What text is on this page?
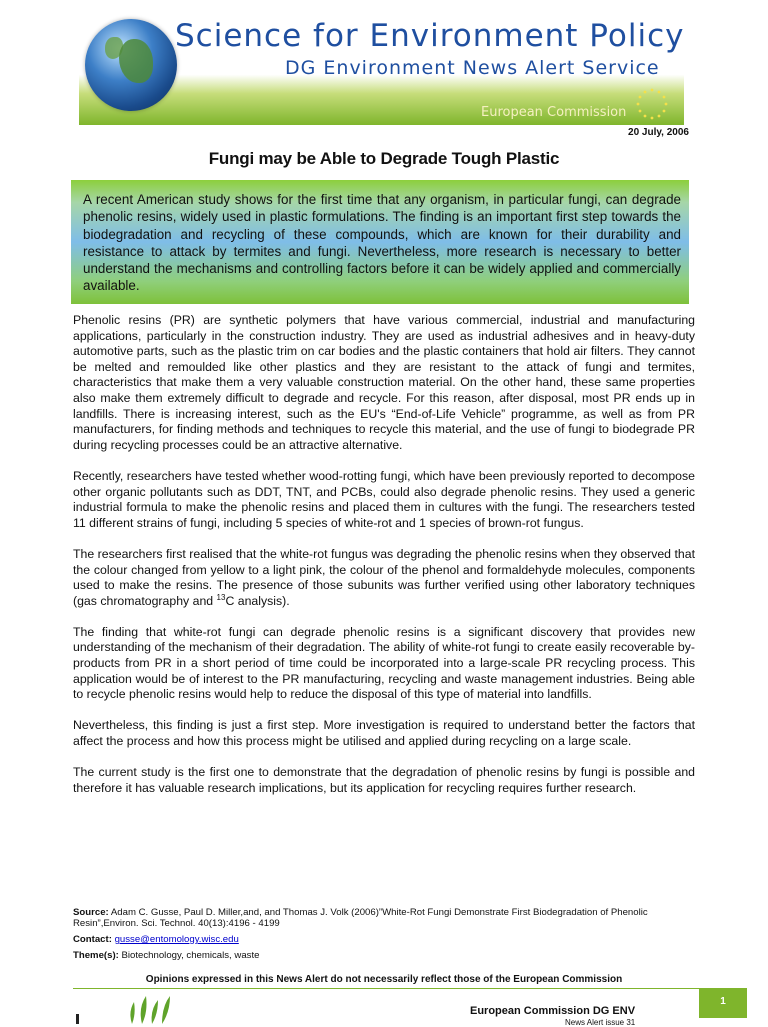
Science for Environment Policy
DG Environment News Alert Service
European Commission
20 July, 2006
Fungi may be Able to Degrade Tough Plastic
A recent American study shows for the first time that any organism, in particular fungi, can degrade phenolic resins, widely used in plastic formulations. The finding is an important first step towards the biodegradation and recycling of these compounds, which are known for their durability and resistance to attack by termites and fungi. Nevertheless, more research is necessary to better understand the mechanisms and controlling factors before it can be widely applied and commercially available.

Phenolic resins (PR) are synthetic polymers that have various commercial, industrial and manufacturing applications, particularly in the construction industry. They are used as industrial adhesives and in heavy-duty automotive parts, such as the plastic trim on car bodies and the plastic containers that hold air filters. They cannot be melted and remoulded like other plastics and they are resistant to the attack of fungi and termites, characteristics that make them a very valuable construction material. On the other hand, these same properties also make them extremely difficult to degrade and recycle. For this reason, after disposal, most PR ends up in landfills. There is increasing interest, such as the EU's “End-of-Life Vehicle” programme, as well as from PR manufacturers, for finding methods and techniques to recycle this material, and the use of fungi to biodegrade PR during recycling processes could be an attractive alternative.

Recently, researchers have tested whether wood-rotting fungi, which have been previously reported to decompose other organic pollutants such as DDT, TNT, and PCBs, could also degrade phenolic resins. They used a generic industrial formula to make the phenolic resins and placed them in cultures with the fungi. The researchers tested 11 different strains of fungi, including 5 species of white-rot and 1 species of brown-rot fungus.

The researchers first realised that the white-rot fungus was degrading the phenolic resins when they observed that the colour changed from yellow to a light pink, the colour of the phenol and formaldehyde molecules, components used to make the resins. The presence of those subunits was further verified using other laboratory techniques (gas chromatography and $^{13}$C analysis).

The finding that white-rot fungi can degrade phenolic resins is a significant discovery that provides new understanding of the mechanism of their degradation. The ability of white-rot fungi to create easily recoverable by-products from PR in a short period of time could be incorporated into a large-scale PR recycling process. This application would be of interest to the PR manufacturing, recycling and waste management industries. Being able to recycle phenolic resins would help to reduce the disposal of this type of material into landfills.

Nevertheless, this finding is just a first step. More investigation is required to understand better the factors that affect the process and how this process might be utilised and applied during recycling on a large scale.

The current study is the first one to demonstrate that the degradation of phenolic resins by fungi is possible and therefore it has valuable research implications, but its application for recycling requires further research.

Source: Adam C. Gusse, Paul D. Miller,and, and Thomas J. Volk (2006)”White-Rot Fungi Demonstrate First Biodegradation of Phenolic Resin”,Environ. Sci. Technol. 40(13):4196 - 4199
Contact: gusse@entomology.wisc.edu
Theme(s): Biotechnology, chemicals, waste
Opinions expressed in this News Alert do not necessarily reflect those of the European Commission
European Commission DG ENV
News Alert issue 31
1
